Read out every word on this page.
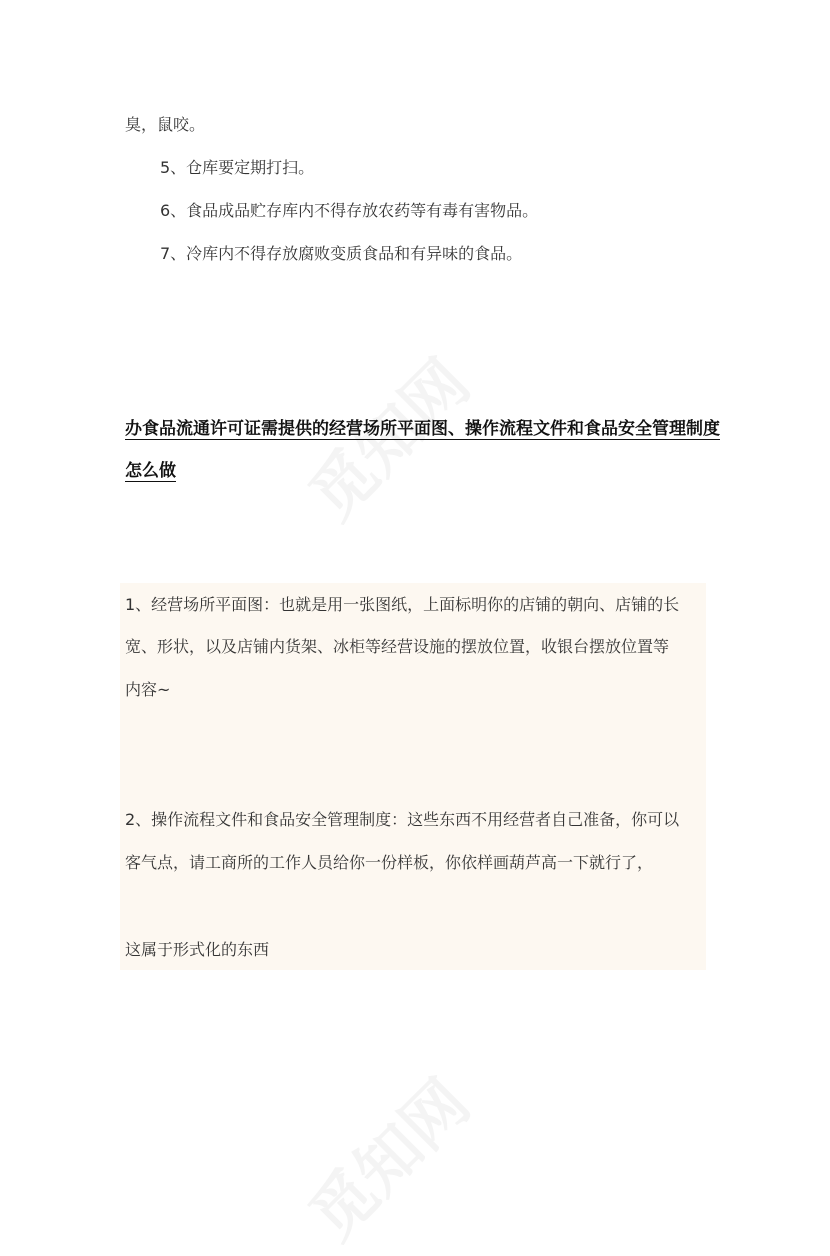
臭，鼠咬。
5、仓库要定期打扫。
6、食品成品贮存库内不得存放农药等有毒有害物品。
7、冷库内不得存放腐败变质食品和有异味的食品。
办食品流通许可证需提供的经营场所平面图、操作流程文件和食品安全管理制度
怎么做
1、经营场所平面图：也就是用一张图纸，上面标明你的店铺的朝向、店铺的长
宽、形状，以及店铺内货架、冰柜等经营设施的摆放位置，收银台摆放位置等
内容~
2、操作流程文件和食品安全管理制度：这些东西不用经营者自己准备，你可以
客气点，请工商所的工作人员给你一份样板，你依样画葫芦高一下就行了，
这属于形式化的东西
